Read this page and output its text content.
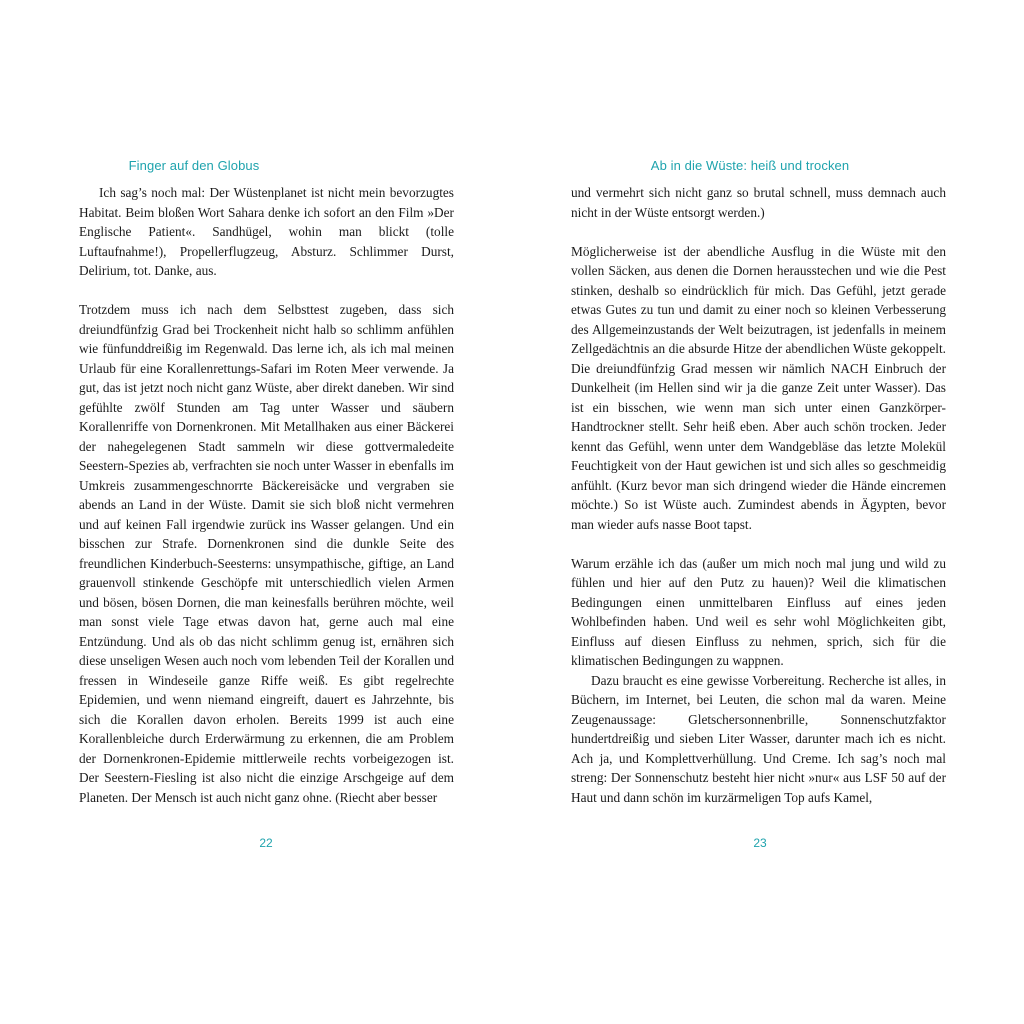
Finger auf den Globus

Ich sag’s noch mal: Der Wüstenplanet ist nicht mein bevorzugtes Habitat. Beim bloßen Wort Sahara denke ich sofort an den Film »Der Englische Patient«. Sandhügel, wohin man blickt (tolle Luftaufnahme!), Propellerflugzeug, Absturz. Schlimmer Durst, Delirium, tot. Danke, aus.

Trotzdem muss ich nach dem Selbsttest zugeben, dass sich dreiundfünfzig Grad bei Trockenheit nicht halb so schlimm anfühlen wie fünfunddreißig im Regenwald. Das lerne ich, als ich mal meinen Urlaub für eine Korallenrettungs-Safari im Roten Meer verwende. Ja gut, das ist jetzt noch nicht ganz Wüste, aber direkt daneben. Wir sind gefühlte zwölf Stunden am Tag unter Wasser und säubern Korallenriffe von Dornenkronen. Mit Metallhaken aus einer Bäckerei der nahegelegenen Stadt sammeln wir diese gottvermaledeite Seestern-Spezies ab, verfrachten sie noch unter Wasser in ebenfalls im Umkreis zusammengeschnorrte Bäckereisäcke und vergraben sie abends an Land in der Wüste. Damit sie sich bloß nicht vermehren und auf keinen Fall irgendwie zurück ins Wasser gelangen. Und ein bisschen zur Strafe. Dornenkronen sind die dunkle Seite des freundlichen Kinderbuch-Seesterns: unsympathische, giftige, an Land grauenvoll stinkende Geschöpfe mit unterschiedlich vielen Armen und bösen, bösen Dornen, die man keinesfalls berühren möchte, weil man sonst viele Tage etwas davon hat, gerne auch mal eine Entzündung. Und als ob das nicht schlimm genug ist, ernähren sich diese unseligen Wesen auch noch vom lebenden Teil der Korallen und fressen in Windeseile ganze Riffe weiß. Es gibt regelrechte Epidemien, und wenn niemand eingreift, dauert es Jahrzehnte, bis sich die Korallen davon erholen. Bereits 1999 ist auch eine Korallenbleiche durch Erderwärmung zu erkennen, die am Problem der Dornenkronen-Epidemie mittlerweile rechts vorbeigezogen ist. Der Seestern-Fiesling ist also nicht die einzige Arschgeige auf dem Planeten. Der Mensch ist auch nicht ganz ohne. (Riecht aber besser

22
Ab in die Wüste: heiß und trocken

und vermehrt sich nicht ganz so brutal schnell, muss demnach auch nicht in der Wüste entsorgt werden.)

Möglicherweise ist der abendliche Ausflug in die Wüste mit den vollen Säcken, aus denen die Dornen herausstechen und wie die Pest stinken, deshalb so eindrücklich für mich. Das Gefühl, jetzt gerade etwas Gutes zu tun und damit zu einer noch so kleinen Verbesserung des Allgemeinzustands der Welt beizutragen, ist jedenfalls in meinem Zellgedächtnis an die absurde Hitze der abendlichen Wüste gekoppelt. Die dreiundfünfzig Grad messen wir nämlich NACH Einbruch der Dunkelheit (im Hellen sind wir ja die ganze Zeit unter Wasser). Das ist ein bisschen, wie wenn man sich unter einen Ganzkörper-Handtrockner stellt. Sehr heiß eben. Aber auch schön trocken. Jeder kennt das Gefühl, wenn unter dem Wandgebläse das letzte Molekül Feuchtigkeit von der Haut gewichen ist und sich alles so geschmeidig anfühlt. (Kurz bevor man sich dringend wieder die Hände eincremen möchte.) So ist Wüste auch. Zumindest abends in Ägypten, bevor man wieder aufs nasse Boot tapst.

Warum erzähle ich das (außer um mich noch mal jung und wild zu fühlen und hier auf den Putz zu hauen)? Weil die klimatischen Bedingungen einen unmittelbaren Einfluss auf eines jeden Wohlbefinden haben. Und weil es sehr wohl Möglichkeiten gibt, Einfluss auf diesen Einfluss zu nehmen, sprich, sich für die klimatischen Bedingungen zu wappnen.

Dazu braucht es eine gewisse Vorbereitung. Recherche ist alles, in Büchern, im Internet, bei Leuten, die schon mal da waren. Meine Zeugenaussage: Gletschersonnenbrille, Sonnenschutzfaktor hundertdreißig und sieben Liter Wasser, darunter mach ich es nicht. Ach ja, und Komplettverhüllung. Und Creme. Ich sag’s noch mal streng: Der Sonnenschutz besteht hier nicht »nur« aus LSF 50 auf der Haut und dann schön im kurzärmeligen Top aufs Kamel,

23
